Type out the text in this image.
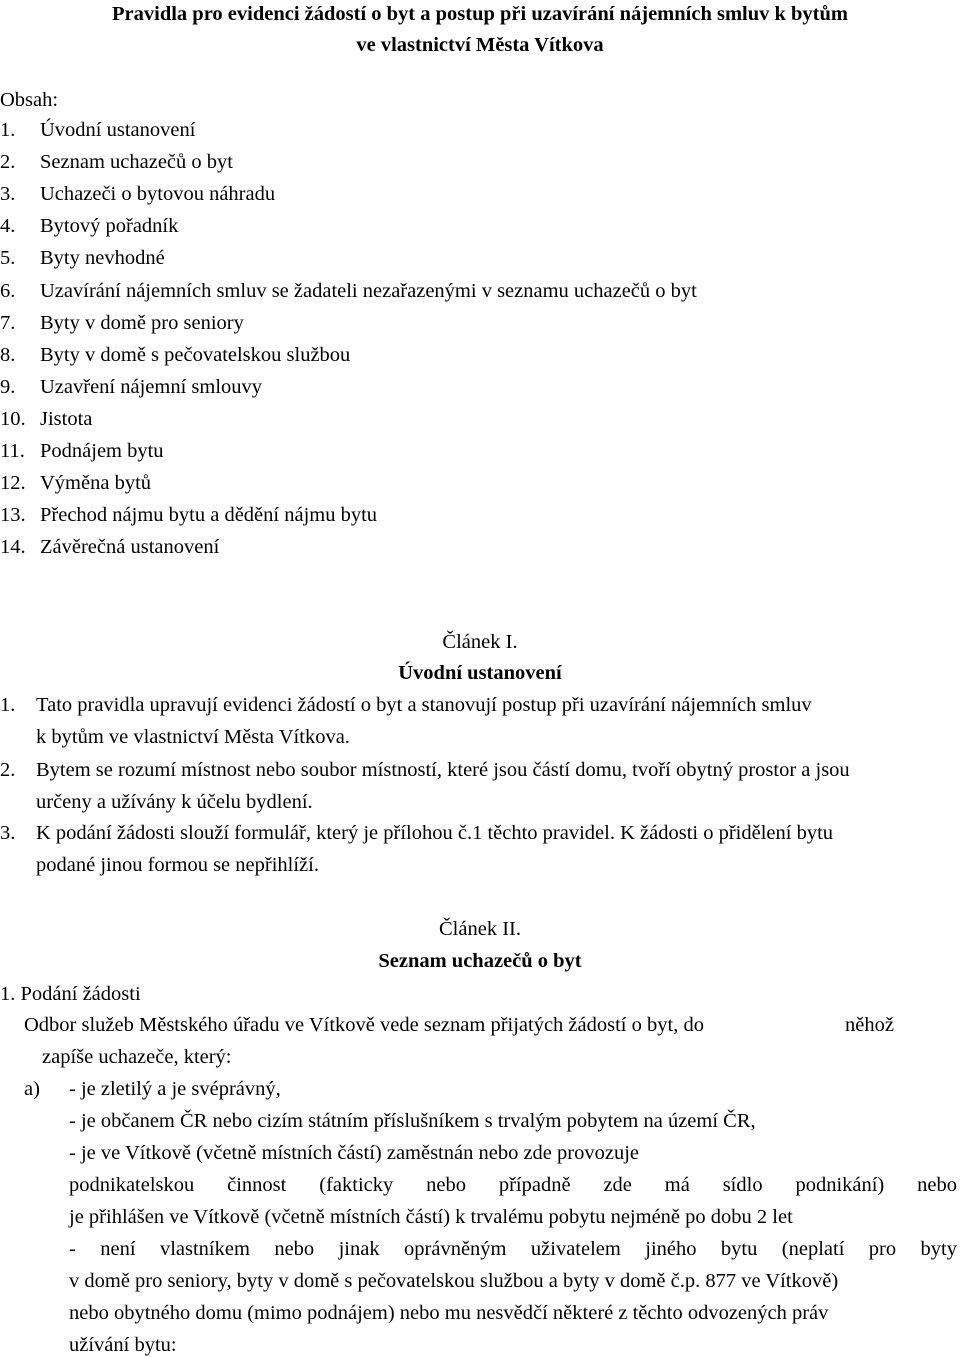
Pravidla pro evidenci žádostí o byt a postup při uzavírání nájemních smluv k bytům
ve vlastnictví Města Vítkova
Obsah:
1. Úvodní ustanovení
2. Seznam uchazečů o byt
3. Uchazeči o bytovou náhradu
4. Bytový pořadník
5. Byty nevhodné
6. Uzavírání nájemních smluv se žadateli nezařazenými v seznamu uchazečů o byt
7. Byty v domě pro seniory
8. Byty v domě s pečovatelskou službou
9. Uzavření nájemní smlouvy
10. Jistota
11. Podnájem bytu
12. Výměna bytů
13. Přechod nájmu bytu a dědění nájmu bytu
14. Závěrečná ustanovení
Článek I.
Úvodní ustanovení
1. Tato pravidla upravují evidenci žádostí o byt a stanovují postup při uzavírání nájemních smluv
k bytům ve vlastnictví Města Vítkova.
2. Bytem se rozumí místnost nebo soubor místností, které jsou částí domu, tvoří obytný prostor a jsou
určeny a užívány k účelu bydlení.
3. K podání žádosti slouží formulář, který je přílohou č.1 těchto pravidel. K žádosti o přidělení bytu
podané jinou formou se nepřihlíží.
Článek II.
Seznam uchazečů o byt
1. Podání žádosti
Odbor služeb Městského úřadu ve Vítkově vede seznam přijatých žádostí o byt, do	něhož
zapíše uchazeče, který:
a) - je zletilý a je svéprávný,
- je občanem ČR nebo cizím státním příslušníkem s trvalým pobytem na území ČR,
- je ve Vítkově (včetně místních částí) zaměstnán nebo zde provozuje
podnikatelskou činnost (fakticky nebo případně zde má sídlo podnikání) nebo
je přihlášen ve Vítkově (včetně místních částí) k trvalému pobytu nejméně po dobu 2 let
- není vlastníkem nebo jinak oprávněným uživatelem jiného bytu (neplatí pro byty
v domě pro seniory, byty v domě s pečovatelskou službou a byty v domě č.p. 877 ve Vítkově)
nebo obytného domu (mimo podnájem) nebo mu nesvědčí některé z těchto odvozených práv
užívání bytu:
